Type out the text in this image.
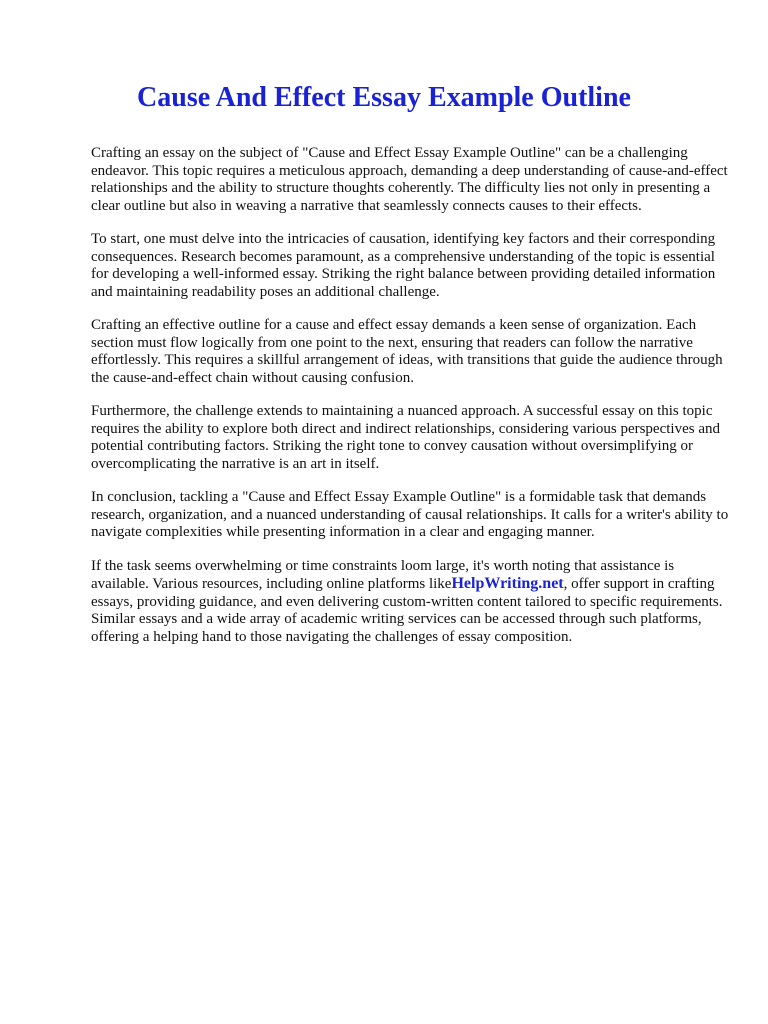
Cause And Effect Essay Example Outline

Crafting an essay on the subject of "Cause and Effect Essay Example Outline" can be a challenging endeavor. This topic requires a meticulous approach, demanding a deep understanding of cause-and-effect relationships and the ability to structure thoughts coherently. The difficulty lies not only in presenting a clear outline but also in weaving a narrative that seamlessly connects causes to their effects.

To start, one must delve into the intricacies of causation, identifying key factors and their corresponding consequences. Research becomes paramount, as a comprehensive understanding of the topic is essential for developing a well-informed essay. Striking the right balance between providing detailed information and maintaining readability poses an additional challenge.

Crafting an effective outline for a cause and effect essay demands a keen sense of organization. Each section must flow logically from one point to the next, ensuring that readers can follow the narrative effortlessly. This requires a skillful arrangement of ideas, with transitions that guide the audience through the cause-and-effect chain without causing confusion.

Furthermore, the challenge extends to maintaining a nuanced approach. A successful essay on this topic requires the ability to explore both direct and indirect relationships, considering various perspectives and potential contributing factors. Striking the right tone to convey causation without oversimplifying or overcomplicating the narrative is an art in itself.

In conclusion, tackling a "Cause and Effect Essay Example Outline" is a formidable task that demands research, organization, and a nuanced understanding of causal relationships. It calls for a writer's ability to navigate complexities while presenting information in a clear and engaging manner.

If the task seems overwhelming or time constraints loom large, it's worth noting that assistance is available. Various resources, including online platforms likeHelpWriting.net, offer support in crafting essays, providing guidance, and even delivering custom-written content tailored to specific requirements. Similar essays and a wide array of academic writing services can be accessed through such platforms, offering a helping hand to those navigating the challenges of essay composition.
